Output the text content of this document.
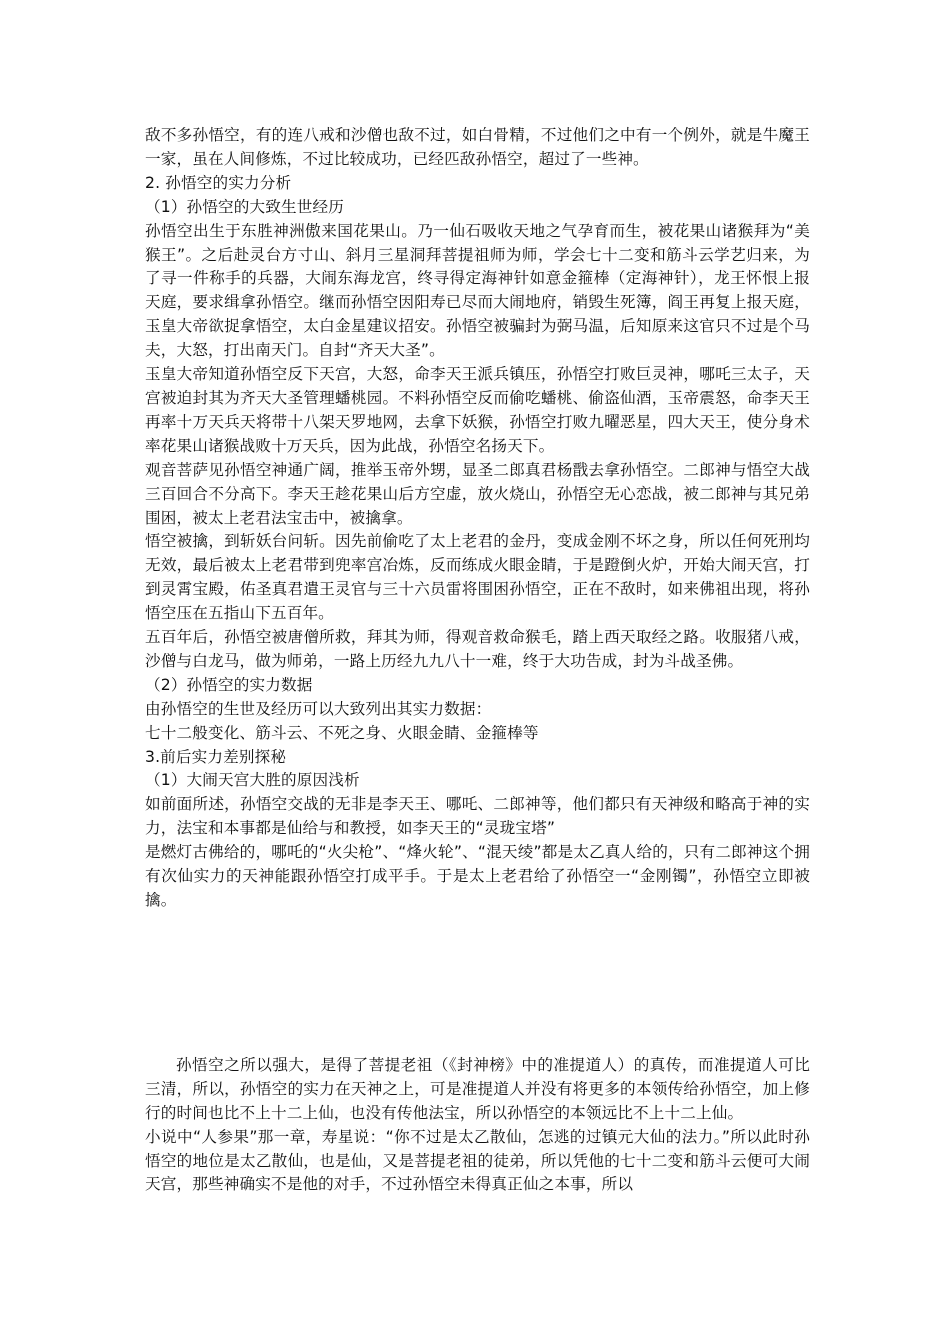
敌不多孙悟空，有的连八戒和沙僧也敌不过，如白骨精，不过他们之中有一个例外，就是牛魔王一家，虽在人间修炼，不过比较成功，已经匹敌孙悟空，超过了一些神。

2. 孙悟空的实力分析

（1）孙悟空的大致生世经历

孙悟空出生于东胜神洲傲来国花果山。乃一仙石吸收天地之气孕育而生，被花果山诸猴拜为“美猴王”。之后赴灵台方寸山、斜月三星洞拜菩提祖师为师，学会七十二变和筋斗云学艺归来，为了寻一件称手的兵器，大闹东海龙宫，终寻得定海神针如意金箍棒（定海神针），龙王怀恨上报天庭，要求缉拿孙悟空。继而孙悟空因阳寿已尽而大闹地府，销毁生死簿，阎王再复上报天庭，玉皇大帝欲捉拿悟空，太白金星建议招安。孙悟空被骗封为弼马温，后知原来这官只不过是个马夫，大怒，打出南天门。自封“齐天大圣”。

玉皇大帝知道孙悟空反下天宫，大怒，命李天王派兵镇压，孙悟空打败巨灵神，哪吒三太子，天宫被迫封其为齐天大圣管理蟠桃园。不料孙悟空反而偷吃蟠桃、偷盗仙酒，玉帝震怒，命李天王再率十万天兵天将带十八架天罗地网，去拿下妖猴，孙悟空打败九曜恶星，四大天王，使分身术率花果山诸猴战败十万天兵，因为此战，孙悟空名扬天下。

观音菩萨见孙悟空神通广阔，推举玉帝外甥，显圣二郎真君杨戬去拿孙悟空。二郎神与悟空大战三百回合不分高下。李天王趁花果山后方空虚，放火烧山，孙悟空无心恋战，被二郎神与其兄弟围困，被太上老君法宝击中，被擒拿。

悟空被擒，到斩妖台问斩。因先前偷吃了太上老君的金丹，变成金刚不坏之身，所以任何死刑均无效，最后被太上老君带到兜率宫冶炼，反而练成火眼金睛，于是蹬倒火炉，开始大闹天宫，打到灵霄宝殿，佑圣真君遣王灵官与三十六员雷将围困孙悟空，正在不敌时，如来佛祖出现，将孙悟空压在五指山下五百年。

五百年后，孙悟空被唐僧所救，拜其为师，得观音救命猴毛，踏上西天取经之路。收服猪八戒，沙僧与白龙马，做为师弟，一路上历经九九八十一难，终于大功告成，封为斗战圣佛。

（2）孙悟空的实力数据

由孙悟空的生世及经历可以大致列出其实力数据：

七十二般变化、筋斗云、不死之身、火眼金睛、金箍棒等

3.前后实力差别探秘

（1）大闹天宫大胜的原因浅析

如前面所述，孙悟空交战的无非是李天王、哪吒、二郎神等，他们都只有天神级和略高于神的实力，法宝和本事都是仙给与和教授，如李天王的“灵珑宝塔”

是燃灯古佛给的，哪吒的“火尖枪”、“烽火轮”、“混天绫”都是太乙真人给的，只有二郎神这个拥有次仙实力的天神能跟孙悟空打成平手。于是太上老君给了孙悟空一“金刚镯”，孙悟空立即被擒。

孙悟空之所以强大，是得了菩提老祖（《封神榜》中的准提道人）的真传，而准提道人可比三清，所以，孙悟空的实力在天神之上，可是准提道人并没有将更多的本领传给孙悟空，加上修行的时间也比不上十二上仙，也没有传他法宝，所以孙悟空的本领远比不上十二上仙。

小说中“人参果”那一章，寿星说：“你不过是太乙散仙，怎逃的过镇元大仙的法力。”所以此时孙悟空的地位是太乙散仙，也是仙，又是菩提老祖的徒弟，所以凭他的七十二变和筋斗云便可大闹天宫，那些神确实不是他的对手，不过孙悟空未得真正仙之本事，所以
